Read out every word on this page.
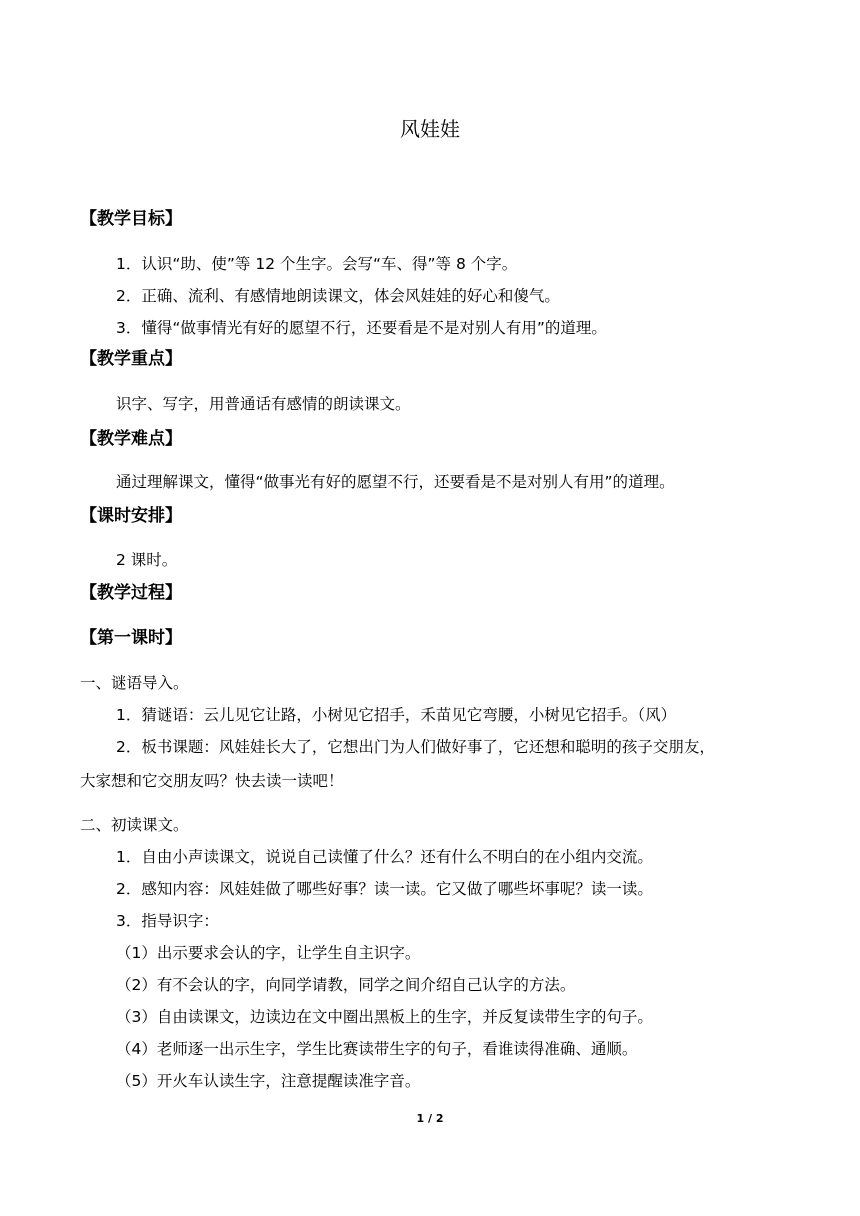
风娃娃
【教学目标】
1．认识“助、使”等 12 个生字。会写“车、得”等 8 个字。
2．正确、流利、有感情地朗读课文，体会风娃娃的好心和傻气。
3．懂得“做事情光有好的愿望不行，还要看是不是对别人有用”的道理。
【教学重点】
识字、写字，用普通话有感情的朗读课文。
【教学难点】
通过理解课文，懂得“做事光有好的愿望不行，还要看是不是对别人有用”的道理。
【课时安排】
2 课时。
【教学过程】
【第一课时】
一、谜语导入。
1．猜谜语：云儿见它让路，小树见它招手，禾苗见它弯腰，小树见它招手。（风）
2．板书课题：风娃娃长大了，它想出门为人们做好事了，它还想和聪明的孩子交朋友，
大家想和它交朋友吗？快去读一读吧！
二、初读课文。
1．自由小声读课文，说说自己读懂了什么？还有什么不明白的在小组内交流。
2．感知内容：风娃娃做了哪些好事？读一读。它又做了哪些坏事呢？读一读。
3．指导识字：
（1）出示要求会认的字，让学生自主识字。
（2）有不会认的字，向同学请教，同学之间介绍自己认字的方法。
（3）自由读课文，边读边在文中圈出黑板上的生字，并反复读带生字的句子。
（4）老师逐一出示生字，学生比赛读带生字的句子，看谁读得准确、通顺。
（5）开火车认读生字，注意提醒读准字音。
1 / 2
